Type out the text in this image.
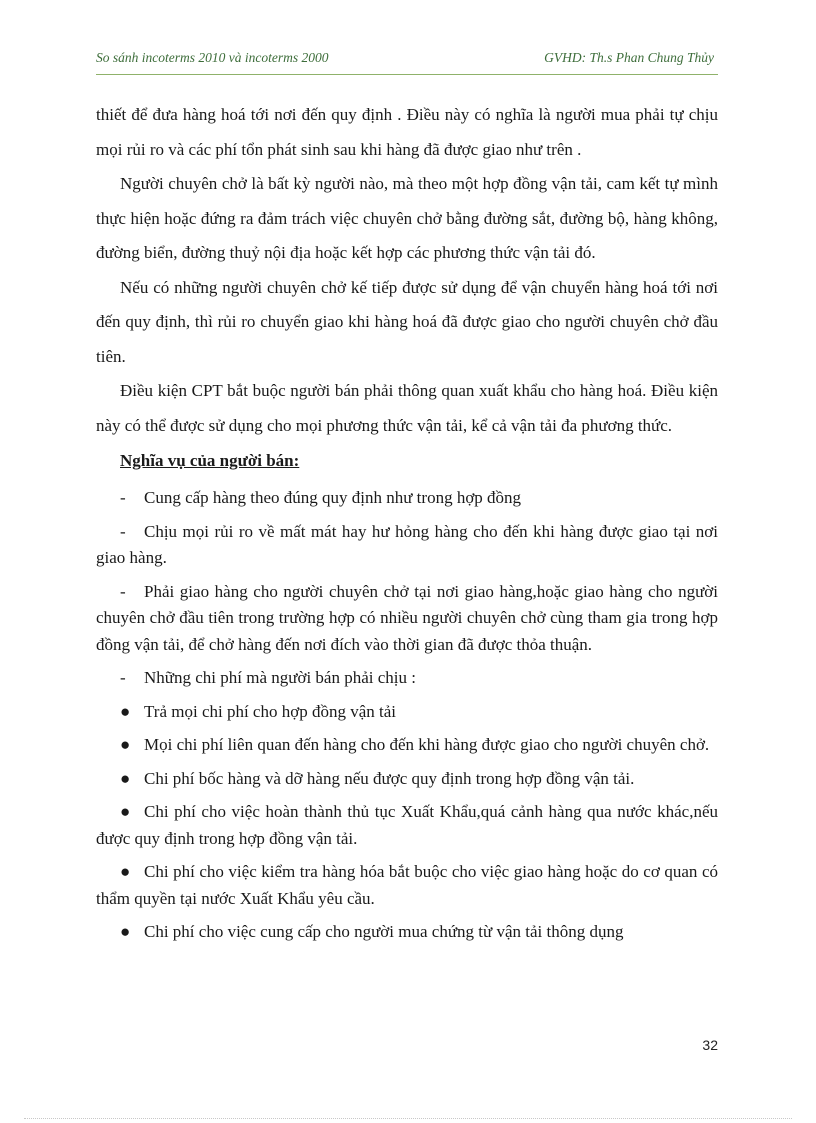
So sánh incoterms 2010 và incoterms 2000	GVHD: Th.s Phan Chung Thủy

thiết để đưa hàng hoá tới nơi đến quy định . Điều này có nghĩa là người mua phải tự chịu mọi rủi ro và các phí tổn phát sinh sau khi hàng đã được giao như trên .

Người chuyên chở là bất kỳ người nào, mà theo một hợp đồng vận tải, cam kết tự mình thực hiện hoặc đứng ra đảm trách việc chuyên chở bằng đường sắt, đường bộ, hàng không, đường biển, đường thuỷ nội địa hoặc kết hợp các phương thức vận tải đó.

Nếu có những người chuyên chở kế tiếp được sử dụng để vận chuyển hàng hoá tới nơi đến quy định, thì rủi ro chuyển giao khi hàng hoá đã được giao cho người chuyên chở đầu tiên.

Điều kiện CPT bắt buộc người bán phải thông quan xuất khẩu cho hàng hoá. Điều kiện này có thể được sử dụng cho mọi phương thức vận tải, kể cả vận tải đa phương thức.

Nghĩa vụ của người bán:

- Cung cấp hàng theo đúng quy định như trong hợp đồng

- Chịu mọi rủi ro về mất mát hay hư hỏng hàng cho đến khi hàng được giao tại nơi giao hàng.

- Phải giao hàng cho người chuyên chở tại nơi giao hàng,hoặc giao hàng cho người chuyên chở đầu tiên trong trường hợp có nhiều người chuyên chở cùng tham gia trong hợp đồng vận tải, để chở hàng đến nơi đích vào thời gian đã được thỏa thuận.

- Những chi phí mà người bán phải chịu :

● Trả mọi chi phí cho hợp đồng vận tải

● Mọi chi phí liên quan đến hàng cho đến khi hàng được giao cho người chuyên chở.

● Chi phí bốc hàng và dỡ hàng nếu được quy định trong hợp đồng vận tải.

● Chi phí cho việc hoàn thành thủ tục Xuất Khẩu,quá cảnh hàng qua nước khác,nếu được quy định trong hợp đồng vận tải.

● Chi phí cho việc kiểm tra hàng hóa bắt buộc cho việc giao hàng hoặc do cơ quan có thẩm quyền tại nước Xuất Khẩu yêu cầu.

● Chi phí cho việc cung cấp cho người mua chứng từ vận tải thông dụng

32
